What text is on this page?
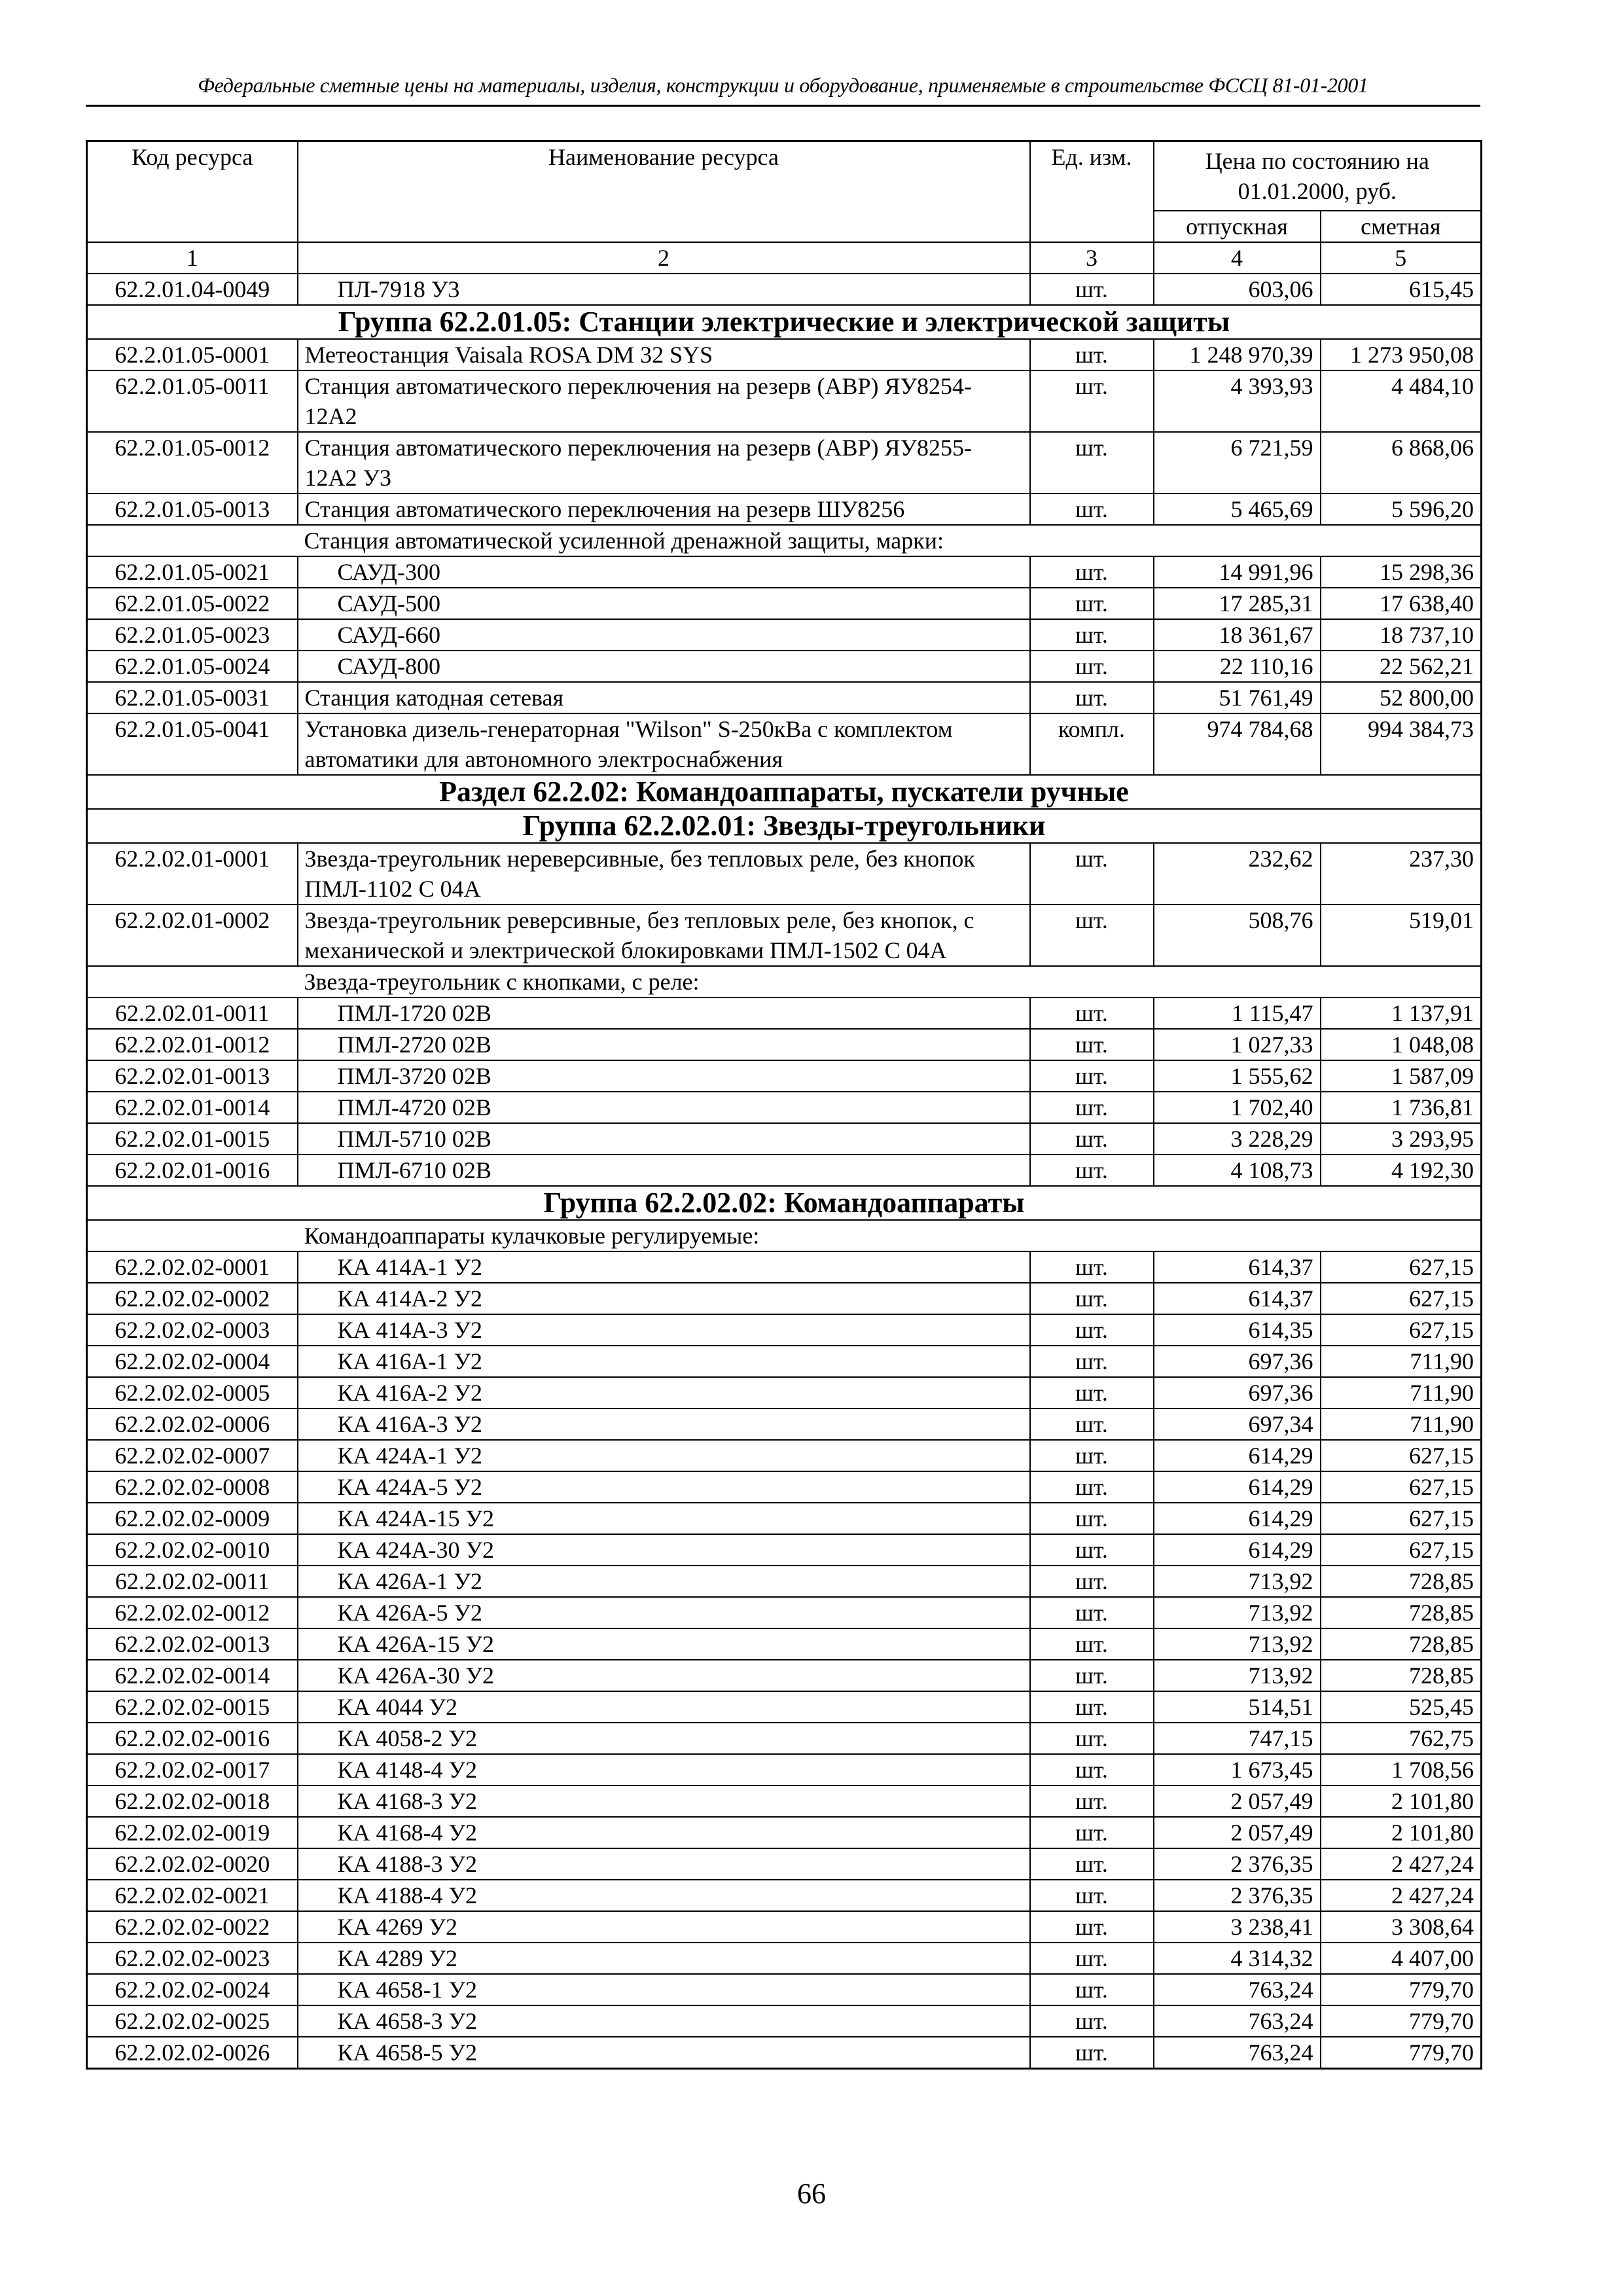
Федеральные сметные цены на материалы, изделия, конструкции и оборудование, применяемые в строительстве ФССЦ 81-01-2001
Код ресурса	Наименование ресурса	Ед. изм.	Цена по состоянию на 01.01.2000, руб.	
			отпускная	сметная
1	2	3	4	5
62.2.01.04-0049	ПЛ-7918 У3	шт.	603,06	615,45
Группа 62.2.01.05: Станции электрические и электрической защиты				
62.2.01.05-0001	Метеостанция Vaisala ROSA DM 32 SYS	шт.	1 248 970,39	1 273 950,08
62.2.01.05-0011	Станция автоматического переключения на резерв (АВР) ЯУ8254-12А2	шт.	4 393,93	4 484,10
62.2.01.05-0012	Станция автоматического переключения на резерв (АВР) ЯУ8255-12А2 У3	шт.	6 721,59	6 868,06
62.2.01.05-0013	Станция автоматического переключения на резерв ШУ8256	шт.	5 465,69	5 596,20
	Станция автоматической усиленной дренажной защиты, марки:			
62.2.01.05-0021	САУД-300	шт.	14 991,96	15 298,36
62.2.01.05-0022	САУД-500	шт.	17 285,31	17 638,40
62.2.01.05-0023	САУД-660	шт.	18 361,67	18 737,10
62.2.01.05-0024	САУД-800	шт.	22 110,16	22 562,21
62.2.01.05-0031	Станция катодная сетевая	шт.	51 761,49	52 800,00
62.2.01.05-0041	Установка дизель-генераторная "Wilson" S-250кВа с комплектом автоматики для автономного электроснабжения	компл.	974 784,68	994 384,73
Раздел 62.2.02: Командоаппараты, пускатели ручные				
Группа 62.2.02.01: Звезды-треугольники				
62.2.02.01-0001	Звезда-треугольник нереверсивные, без тепловых реле, без кнопок ПМЛ-1102 С 04А	шт.	232,62	237,30
62.2.02.01-0002	Звезда-треугольник реверсивные, без тепловых реле, без кнопок, с механической и электрической блокировками ПМЛ-1502 С 04А	шт.	508,76	519,01
	Звезда-треугольник с кнопками, с реле:			
62.2.02.01-0011	ПМЛ-1720 02В	шт.	1 115,47	1 137,91
62.2.02.01-0012	ПМЛ-2720 02В	шт.	1 027,33	1 048,08
62.2.02.01-0013	ПМЛ-3720 02В	шт.	1 555,62	1 587,09
62.2.02.01-0014	ПМЛ-4720 02В	шт.	1 702,40	1 736,81
62.2.02.01-0015	ПМЛ-5710 02В	шт.	3 228,29	3 293,95
62.2.02.01-0016	ПМЛ-6710 02В	шт.	4 108,73	4 192,30
Группа 62.2.02.02: Командоаппараты				
	Командоаппараты кулачковые регулируемые:			
62.2.02.02-0001	КА 414А-1 У2	шт.	614,37	627,15
62.2.02.02-0002	КА 414А-2 У2	шт.	614,37	627,15
62.2.02.02-0003	КА 414А-3 У2	шт.	614,35	627,15
62.2.02.02-0004	КА 416А-1 У2	шт.	697,36	711,90
62.2.02.02-0005	КА 416А-2 У2	шт.	697,36	711,90
62.2.02.02-0006	КА 416А-3 У2	шт.	697,34	711,90
62.2.02.02-0007	КА 424А-1 У2	шт.	614,29	627,15
62.2.02.02-0008	КА 424А-5 У2	шт.	614,29	627,15
62.2.02.02-0009	КА 424А-15 У2	шт.	614,29	627,15
62.2.02.02-0010	КА 424А-30 У2	шт.	614,29	627,15
62.2.02.02-0011	КА 426А-1 У2	шт.	713,92	728,85
62.2.02.02-0012	КА 426А-5 У2	шт.	713,92	728,85
62.2.02.02-0013	КА 426А-15 У2	шт.	713,92	728,85
62.2.02.02-0014	КА 426А-30 У2	шт.	713,92	728,85
62.2.02.02-0015	КА 4044 У2	шт.	514,51	525,45
62.2.02.02-0016	КА 4058-2 У2	шт.	747,15	762,75
62.2.02.02-0017	КА 4148-4 У2	шт.	1 673,45	1 708,56
62.2.02.02-0018	КА 4168-3 У2	шт.	2 057,49	2 101,80
62.2.02.02-0019	КА 4168-4 У2	шт.	2 057,49	2 101,80
62.2.02.02-0020	КА 4188-3 У2	шт.	2 376,35	2 427,24
62.2.02.02-0021	КА 4188-4 У2	шт.	2 376,35	2 427,24
62.2.02.02-0022	КА 4269 У2	шт.	3 238,41	3 308,64
62.2.02.02-0023	КА 4289 У2	шт.	4 314,32	4 407,00
62.2.02.02-0024	КА 4658-1 У2	шт.	763,24	779,70
62.2.02.02-0025	КА 4658-3 У2	шт.	763,24	779,70
62.2.02.02-0026	КА 4658-5 У2	шт.	763,24	779,70
66
